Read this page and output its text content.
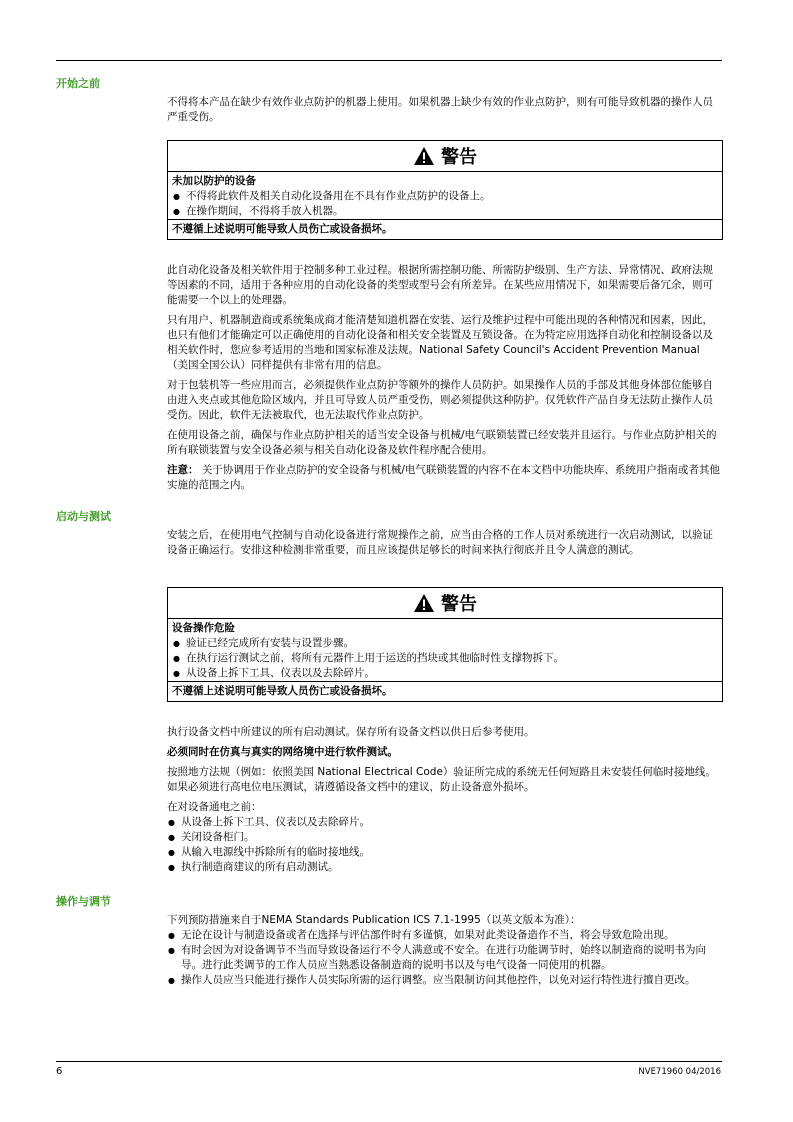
开始之前

不得将本产品在缺少有效作业点防护的机器上使用。如果机器上缺少有效的作业点防护，则有可能导致机器的操作人员严重受伤。

警告
未加以防护的设备
● 不得将此软件及相关自动化设备用在不具有作业点防护的设备上。
● 在操作期间，不得将手放入机器。
不遵循上述说明可能导致人员伤亡或设备损坏。

此自动化设备及相关软件用于控制多种工业过程。根据所需控制功能、所需防护级别、生产方法、异常情况、政府法规等因素的不同，适用于各种应用的自动化设备的类型或型号会有所差异。在某些应用情况下，如果需要后备冗余，则可能需要一个以上的处理器。

只有用户、机器制造商或系统集成商才能清楚知道机器在安装、运行及维护过程中可能出现的各种情况和因素，因此，也只有他们才能确定可以正确使用的自动化设备和相关安全装置及互锁设备。在为特定应用选择自动化和控制设备以及相关软件时，您应参考适用的当地和国家标准及法规。National Safety Council's Accident Prevention Manual （美国全国公认）同样提供有非常有用的信息。

对于包装机等一些应用而言，必须提供作业点防护等额外的操作人员防护。如果操作人员的手部及其他身体部位能够自由进入夹点或其他危险区域内，并且可导致人员严重受伤，则必须提供这种防护。仅凭软件产品自身无法防止操作人员受伤。因此，软件无法被取代，也无法取代作业点防护。

在使用设备之前，确保与作业点防护相关的适当安全设备与机械/电气联锁装置已经安装并且运行。与作业点防护相关的所有联锁装置与安全设备必须与相关自动化设备及软件程序配合使用。

注意： 关于协调用于作业点防护的安全设备与机械/电气联锁装置的内容不在本文档中功能块库、系统用户指南或者其他实施的范围之内。

启动与测试

安装之后，在使用电气控制与自动化设备进行常规操作之前，应当由合格的工作人员对系统进行一次启动测试，以验证设备正确运行。安排这种检测非常重要，而且应该提供足够长的时间来执行彻底并且令人满意的测试。

警告
设备操作危险
● 验证已经完成所有安装与设置步骤。
● 在执行运行测试之前，将所有元器件上用于运送的挡块或其他临时性支撑物拆下。
● 从设备上拆下工具、仪表以及去除碎片。
不遵循上述说明可能导致人员伤亡或设备损坏。

执行设备文档中所建议的所有启动测试。保存所有设备文档以供日后参考使用。

必须同时在仿真与真实的网络境中进行软件测试。

按照地方法规（例如：依照美国 National Electrical Code）验证所完成的系统无任何短路且未安装任何临时接地线。如果必须进行高电位电压测试，请遵循设备文档中的建议，防止设备意外损坏。

在对设备通电之前：

● 从设备上拆下工具、仪表以及去除碎片。
● 关闭设备柜门。
● 从输入电源线中拆除所有的临时接地线。
● 执行制造商建议的所有启动测试。
操作与调节

下列预防措施来自于NEMA Standards Publication ICS 7.1-1995（以英文版本为准）：

● 无论在设计与制造设备或者在选择与评估部件时有多谨慎，如果对此类设备造作不当，将会导致危险出现。
● 有时会因为对设备调节不当而导致设备运行不令人满意或不安全。在进行功能调节时，始终以制造商的说明书为向导。进行此类调节的工作人员应当熟悉设备制造商的说明书以及与电气设备一同使用的机器。
● 操作人员应当只能进行操作人员实际所需的运行调整。应当限制访问其他控件，以免对运行特性进行擅自更改。
6	NVE71960 04/2016
